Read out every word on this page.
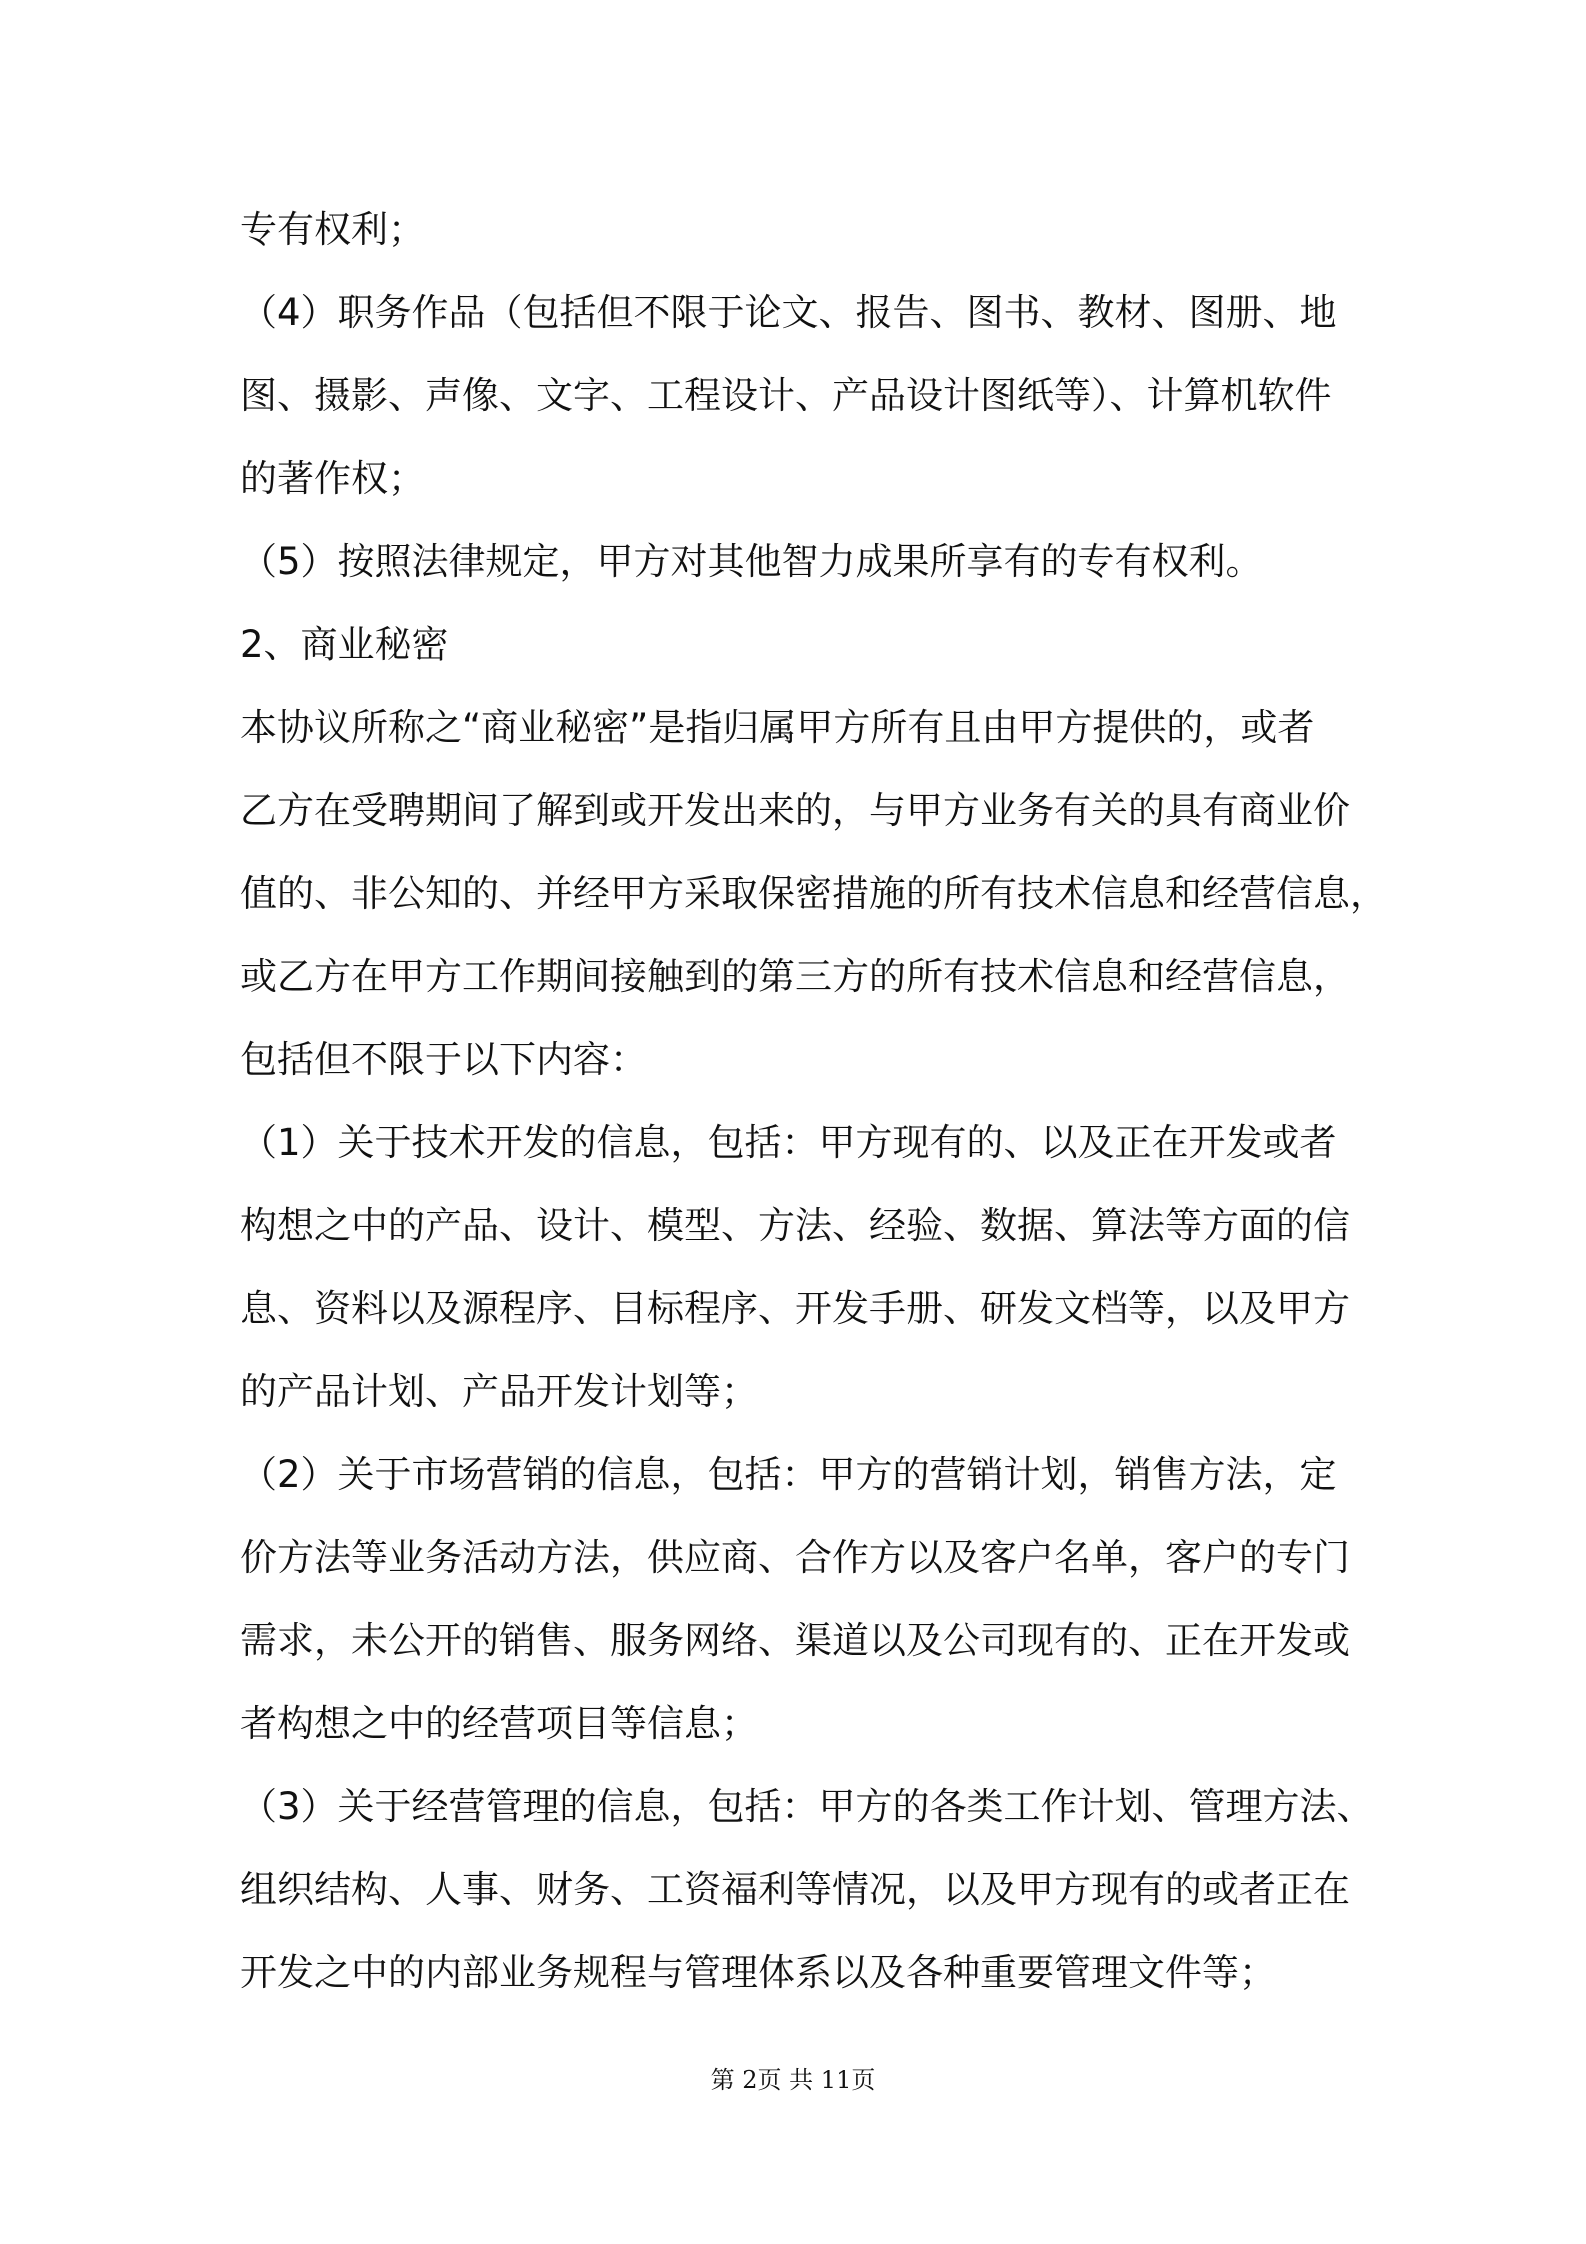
专有权利；
（4）职务作品（包括但不限于论文、报告、图书、教材、图册、地
图、摄影、声像、文字、工程设计、产品设计图纸等）、计算机软件
的著作权；
（5）按照法律规定，甲方对其他智力成果所享有的专有权利。
2、商业秘密
本协议所称之“商业秘密”是指归属甲方所有且由甲方提供的，或者
乙方在受聘期间了解到或开发出来的，与甲方业务有关的具有商业价
值的、非公知的、并经甲方采取保密措施的所有技术信息和经营信息，
或乙方在甲方工作期间接触到的第三方的所有技术信息和经营信息，
包括但不限于以下内容：
（1）关于技术开发的信息，包括：甲方现有的、以及正在开发或者
构想之中的产品、设计、模型、方法、经验、数据、算法等方面的信
息、资料以及源程序、目标程序、开发手册、研发文档等，以及甲方
的产品计划、产品开发计划等；
（2）关于市场营销的信息，包括：甲方的营销计划，销售方法，定
价方法等业务活动方法，供应商、合作方以及客户名单，客户的专门
需求，未公开的销售、服务网络、渠道以及公司现有的、正在开发或
者构想之中的经营项目等信息；
（3）关于经营管理的信息，包括：甲方的各类工作计划、管理方法、
组织结构、人事、财务、工资福利等情况，以及甲方现有的或者正在
开发之中的内部业务规程与管理体系以及各种重要管理文件等；
第 2页 共 11页
